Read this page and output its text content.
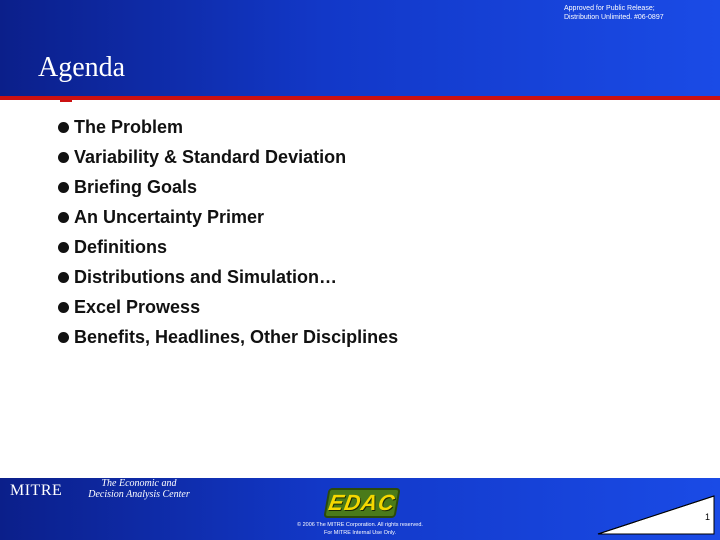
Approved for Public Release;
Distribution Unlimited. #06-0897
Agenda
The Problem
Variability & Standard Deviation
Briefing Goals
An Uncertainty Primer
Definitions
Distributions and Simulation…
Excel Prowess
Benefits, Headlines, Other Disciplines
MITRE	The Economic and
Decision Analysis Center	EDAC
© 2006 The MITRE Corporation. All rights reserved.
For MITRE Internal Use Only.
1
